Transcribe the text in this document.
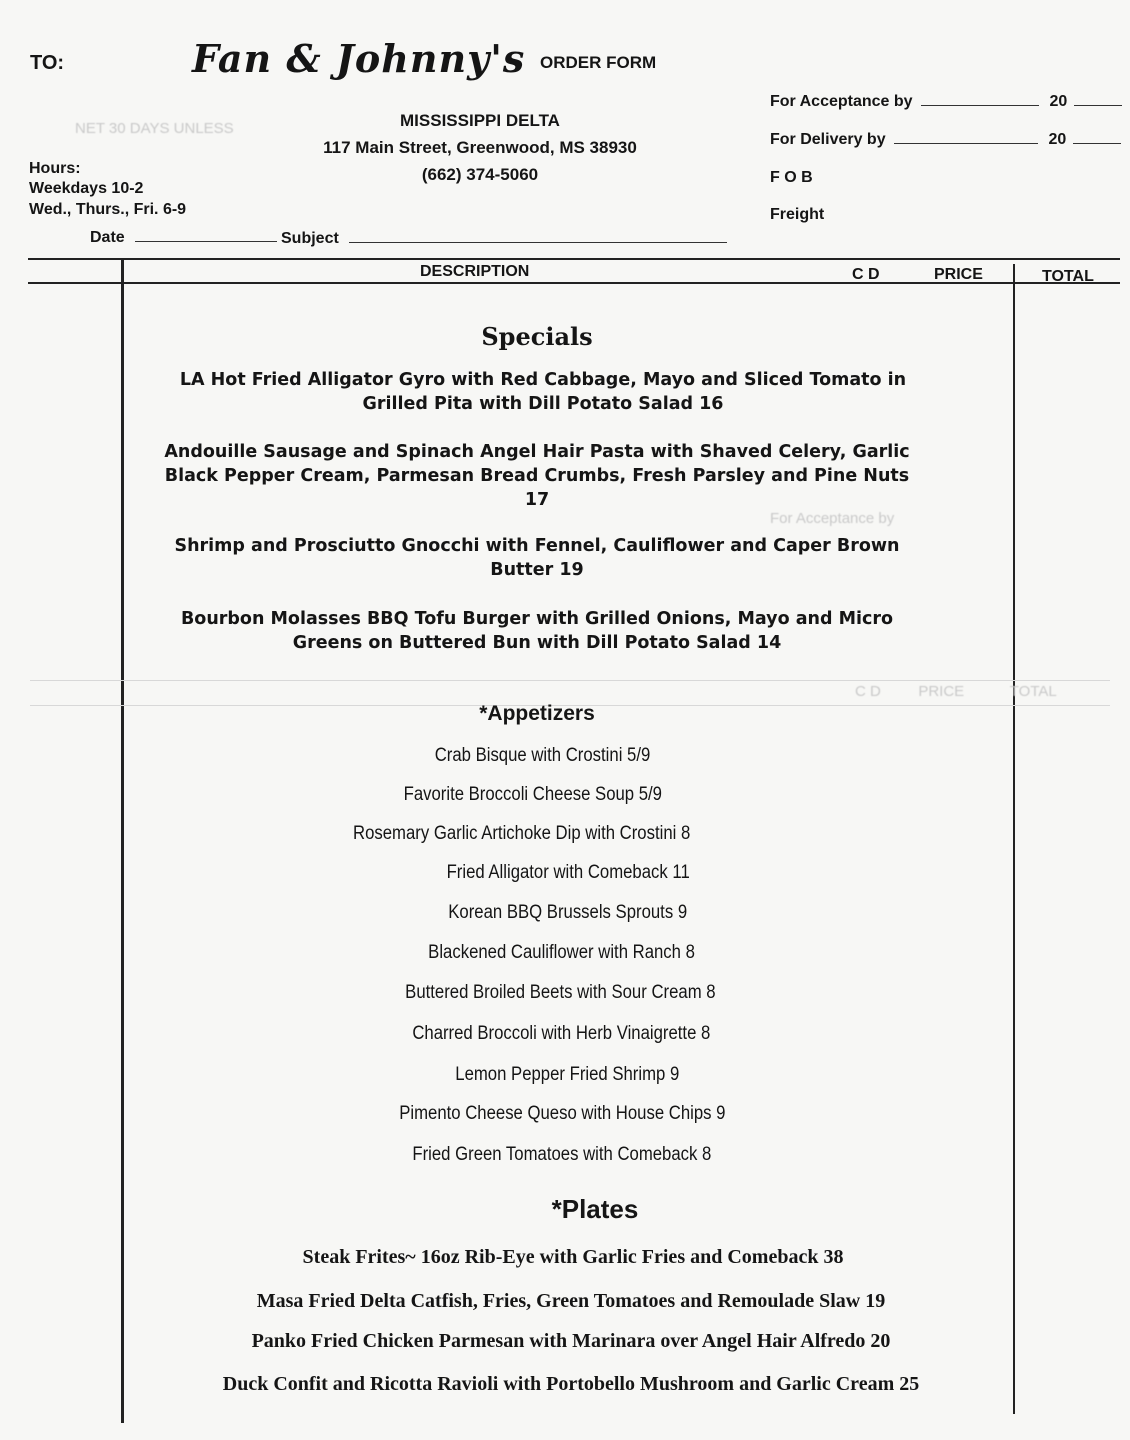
TO:	Fan & Johnny's ORDER FORM
MISSISSIPPI DELTA
117 Main Street, Greenwood, MS 38930
(662) 374-5060
Hours:
Weekdays 10-2
Wed., Thurs., Fri. 6-9
Date	Subject
For Acceptance by	20
For Delivery by	20
F O B
Freight
DESCRIPTION	C D	PRICE	TOTAL
NET 30 DAYS UNLESS
For Acceptance by
C D         PRICE           TOTAL
Specials
LA Hot Fried Alligator Gyro with Red Cabbage, Mayo and Sliced Tomato in
Grilled Pita with Dill Potato Salad 16
Andouille Sausage and Spinach Angel Hair Pasta with Shaved Celery, Garlic
Black Pepper Cream, Parmesan Bread Crumbs, Fresh Parsley and Pine Nuts
17
Shrimp and Prosciutto Gnocchi with Fennel, Cauliflower and Caper Brown
Butter 19
Bourbon Molasses BBQ Tofu Burger with Grilled Onions, Mayo and Micro
Greens on Buttered Bun with Dill Potato Salad 14
*Appetizers
Crab Bisque with Crostini 5/9
Favorite Broccoli Cheese Soup 5/9
Rosemary Garlic Artichoke Dip with Crostini 8
Fried Alligator with Comeback 11
Korean BBQ Brussels Sprouts 9
Blackened Cauliflower with Ranch 8
Buttered Broiled Beets with Sour Cream 8
Charred Broccoli with Herb Vinaigrette 8
Lemon Pepper Fried Shrimp 9
Pimento Cheese Queso with House Chips 9
Fried Green Tomatoes with Comeback 8
*Plates
Steak Frites~ 16oz Rib-Eye with Garlic Fries and Comeback 38
Masa Fried Delta Catfish, Fries, Green Tomatoes and Remoulade Slaw 19
Panko Fried Chicken Parmesan with Marinara over Angel Hair Alfredo 20
Duck Confit and Ricotta Ravioli with Portobello Mushroom and Garlic Cream 25
